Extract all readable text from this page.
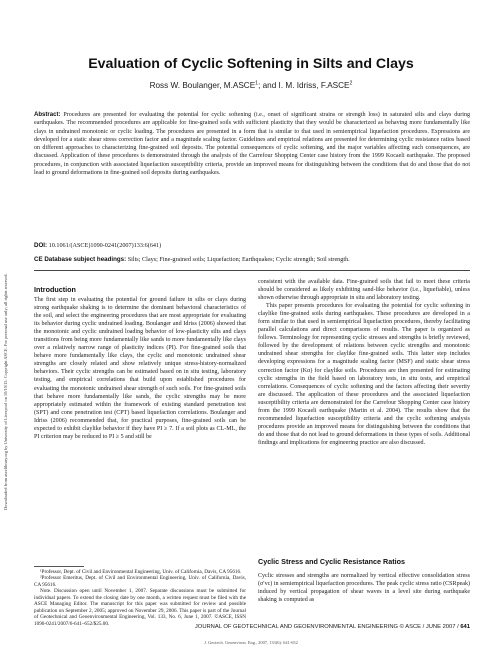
Downloaded from ascelibrary.org by University of Liverpool on 10/10/15. Copyright ASCE. For personal use only; all rights reserved.
Evaluation of Cyclic Softening in Silts and Clays
Ross W. Boulanger, M.ASCE$^1$; and I. M. Idriss, F.ASCE$^2$
Abstract: Procedures are presented for evaluating the potential for cyclic softening (i.e., onset of significant strains or strength loss) in saturated silts and clays during earthquakes. The recommended procedures are applicable for fine-grained soils with sufficient plasticity that they would be characterized as behaving more fundamentally like clays in undrained monotonic or cyclic loading. The procedures are presented in a form that is similar to that used in semiempirical liquefaction procedures. Expressions are developed for a static shear stress correction factor and a magnitude scaling factor. Guidelines and empirical relations are presented for determining cyclic resistance ratios based on different approaches to characterizing fine-grained soil deposits. The potential consequences of cyclic softening, and the major variables affecting such consequences, are discussed. Application of these procedures is demonstrated through the analysis of the Carrefour Shopping Center case history from the 1999 Kocaeli earthquake. The proposed procedures, in conjunction with associated liquefaction susceptibility criteria, provide an improved means for distinguishing between the conditions that do and those that do not lead to ground deformations in fine-grained soil deposits during earthquakes.
DOI: 10.1061/(ASCE)1090-0241(2007)133:6(641)
CE Database subject headings: Silts; Clays; Fine-grained soils; Liquefaction; Earthquakes; Cyclic strength; Soil strength.
Introduction

The first step in evaluating the potential for ground failure in silts or clays during strong earthquake shaking is to determine the dominant behavioral characteristics of the soil, and select the engineering procedures that are most appropriate for evaluating its behavior during cyclic undrained loading. Boulanger and Idriss (2006) showed that the monotonic and cyclic undrained loading behavior of low-plasticity silts and clays transitions from being more fundamentally like sands to more fundamentally like clays over a relatively narrow range of plasticity indices (PI). For fine-grained soils that behave more fundamentally like clays, the cyclic and monotonic undrained shear strengths are closely related and show relatively unique stress-history-normalized behaviors. Their cyclic strengths can be estimated based on in situ testing, laboratory testing, and empirical correlations that build upon established procedures for evaluating the monotonic undrained shear strength of such soils. For fine-grained soils that behave more fundamentally like sands, the cyclic strengths may be more appropriately estimated within the framework of existing standard penetration test (SPT) and cone penetration test (CPT) based liquefaction correlations. Boulanger and Idriss (2006) recommended that, for practical purposes, fine-grained soils can be expected to exhibit claylike behavior if they have PI ≥ 7. If a soil plots as CL-ML, the PI criterion may be reduced to PI ≥ 5 and still be

¹Professor, Dept. of Civil and Environmental Engineering, Univ. of California, Davis, CA 95616.

²Professor Emeritus, Dept. of Civil and Environmental Engineering, Univ. of California, Davis, CA 95616.

Note. Discussion open until November 1, 2007. Separate discussions must be submitted for individual papers. To extend the closing date by one month, a written request must be filed with the ASCE Managing Editor. The manuscript for this paper was submitted for review and possible publication on September 2, 2005; approved on November 29, 2006. This paper is part of the Journal of Geotechnical and Geoenvironmental Engineering, Vol. 133, No. 6, June 1, 2007. ©ASCE, ISSN 1090-0241/2007/6-641–652/$25.00.

consistent with the available data. Fine-grained soils that fail to meet these criteria should be considered as likely exhibiting sand-like behavior (i.e., liquefiable), unless shown otherwise through appropriate in situ and laboratory testing.

This paper presents procedures for evaluating the potential for cyclic softening in claylike fine-grained soils during earthquakes. These procedures are developed in a form similar to that used in semiempirical liquefaction procedures, thereby facilitating parallel calculations and direct comparisons of results. The paper is organized as follows. Terminology for representing cyclic stresses and strengths is briefly reviewed, followed by the development of relations between cyclic strengths and monotonic undrained shear strengths for claylike fine-grained soils. This latter step includes developing expressions for a magnitude scaling factor (MSF) and static shear stress correction factor (Kα) for claylike soils. Procedures are then presented for estimating cyclic strengths in the field based on laboratory tests, in situ tests, and empirical correlations. Consequences of cyclic softening and the factors affecting their severity are discussed. The application of these procedures and the associated liquefaction susceptibility criteria are demonstrated for the Carrefour Shopping Center case history from the 1999 Kocaeli earthquake (Martin et al. 2004). The results show that the recommended liquefaction susceptibility criteria and the cyclic softening analysis procedures provide an improved means for distinguishing between the conditions that do and those that do not lead to ground deformations in these types of soils. Additional findings and implications for engineering practice are also discussed.

Cyclic Stress and Cyclic Resistance Ratios

Cyclic stresses and strengths are normalized by vertical effective consolidation stress (σ′vc) in semiempirical liquefaction procedures. The peak cyclic stress ratio (CSRpeak) induced by vertical propagation of shear waves in a level site during earthquake shaking is computed as

JOURNAL OF GEOTECHNICAL AND GEOENVIRONMENTAL ENGINEERING © ASCE / JUNE 2007 / 641
J. Geotech. Geoenviron. Eng., 2007, 133(6): 641-652
